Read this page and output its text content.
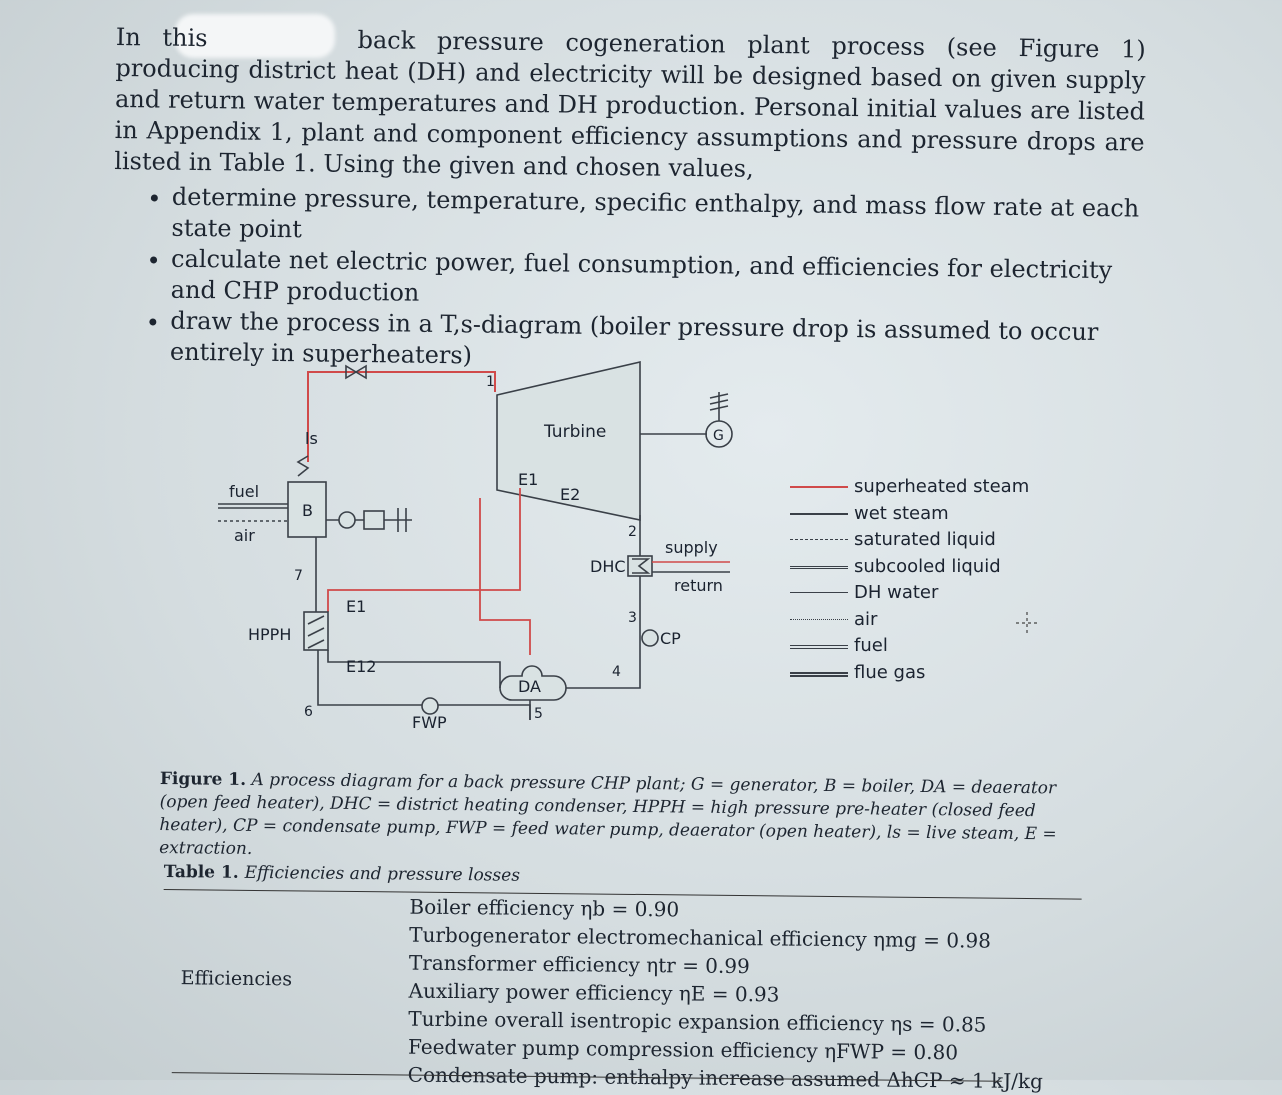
In this	back pressure cogeneration plant process (see Figure 1) producing district heat (DH) and electricity will be designed based on given supply and return water temperatures and DH production. Personal initial values are listed in Appendix 1, plant and component efficiency assumptions and pressure drops are listed in Table 1. Using the given and chosen values,

• determine pressure, temperature, specific enthalpy, and mass flow rate at each state point
• calculate net electric power, fuel consumption, and efficiencies for electricity and CHP production
• draw the process in a T,s-diagram (boiler pressure drop is assumed to occur entirely in superheaters)
ls	Turbine	G
fuel
air
B
E1
E2
DHC
supply
return
CP
HPPH
E1
E12
DA
FWP
1
2
3
4
5
6
7
superheated steam
wet steam
saturated liquid
subcooled liquid
DH water
air
fuel
flue gas
Figure 1. A process diagram for a back pressure CHP plant; G = generator, B = boiler, DA = deaerator (open feed heater), DHC = district heating condenser, HPPH = high pressure pre-heater (closed feed heater), CP = condensate pump, FWP = feed water pump, deaerator (open heater), ls = live steam, E = extraction.
Table 1. Efficiencies and pressure losses
Efficiencies
Boiler efficiency ηb = 0.90
Turbogenerator electromechanical efficiency ηmg = 0.98
Transformer efficiency ηtr = 0.99
Auxiliary power efficiency ηE = 0.93
Turbine overall isentropic expansion efficiency ηs = 0.85
Feedwater pump compression efficiency ηFWP = 0.80
Condensate pump: enthalpy increase assumed ΔhCP ≈ 1 kJ/kg
